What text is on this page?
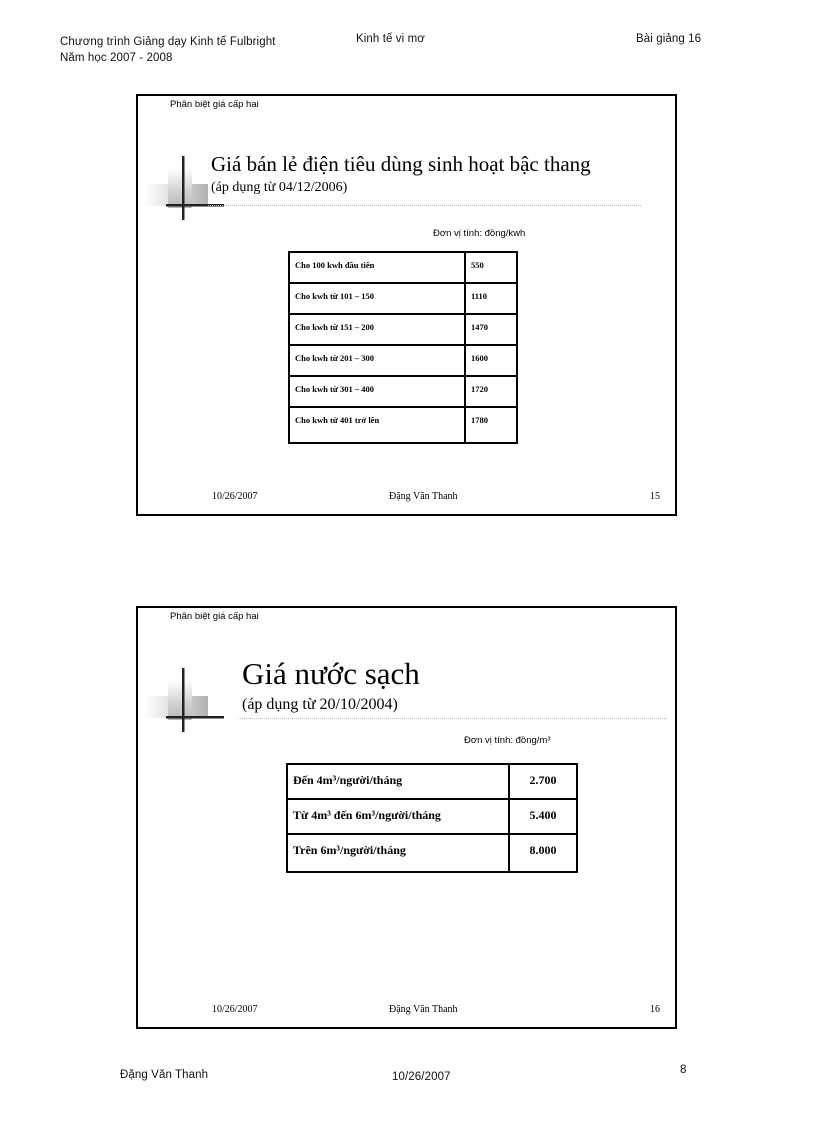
Chương trình Giảng dạy Kinh tế Fulbright
Năm học 2007 - 2008
Kinh tế vi mơ	Bài giảng 16
Phân biệt giá cấp hai
Giá bán lẻ điện tiêu dùng sinh hoạt bậc thang
(áp dụng từ 04/12/2006)
Đơn vị tính: đồng/kwh
Cho 100 kwh đầu tiên	550
Cho kwh từ 101 – 150	1110
Cho kwh từ 151 – 200	1470
Cho kwh từ 201 – 300	1600
Cho kwh từ 301 – 400	1720
Cho kwh từ 401 trở lên	1780
10/26/2007	Đặng Văn Thanh	15
Phân biệt giá cấp hai
Giá nước sạch
(áp dụng từ 20/10/2004)
Đơn vị tính: đồng/m³
Đến 4m³/người/tháng	2.700
Từ 4m³ đến 6m³/người/tháng	5.400
Trên 6m³/người/tháng	8.000
10/26/2007	Đặng Văn Thanh	16
Đặng Văn Thanh	10/26/2007
8
